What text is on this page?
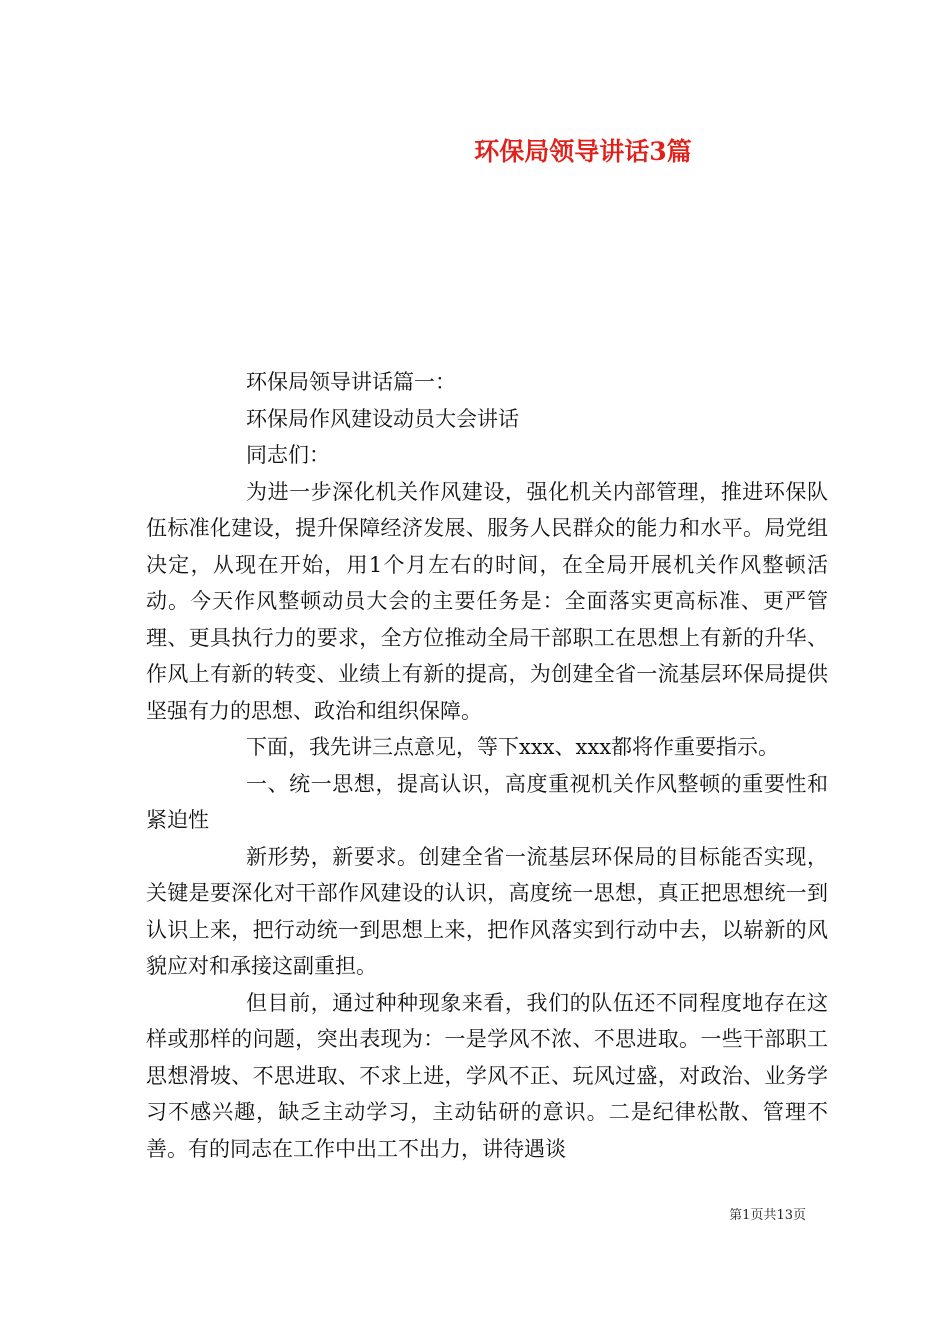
环保局领导讲话3篇

环保局领导讲话篇一：

环保局作风建设动员大会讲话

同志们：

为进一步深化机关作风建设，强化机关内部管理，推进环保队伍标准化建设，提升保障经济发展、服务人民群众的能力和水平。局党组决定，从现在开始，用1个月左右的时间，在全局开展机关作风整顿活动。今天作风整顿动员大会的主要任务是：全面落实更高标准、更严管理、更具执行力的要求，全方位推动全局干部职工在思想上有新的升华、作风上有新的转变、业绩上有新的提高，为创建全省一流基层环保局提供坚强有力的思想、政治和组织保障。

下面，我先讲三点意见，等下xxx、xxx都将作重要指示。

一、统一思想，提高认识，高度重视机关作风整顿的重要性和紧迫性

新形势，新要求。创建全省一流基层环保局的目标能否实现，关键是要深化对干部作风建设的认识，高度统一思想，真正把思想统一到认识上来，把行动统一到思想上来，把作风落实到行动中去，以崭新的风貌应对和承接这副重担。

但目前，通过种种现象来看，我们的队伍还不同程度地存在这样或那样的问题，突出表现为：一是学风不浓、不思进取。一些干部职工思想滑坡、不思进取、不求上进，学风不正、玩风过盛，对政治、业务学习不感兴趣，缺乏主动学习，主动钻研的意识。二是纪律松散、管理不善。有的同志在工作中出工不出力，讲待遇谈

第1页共13页
